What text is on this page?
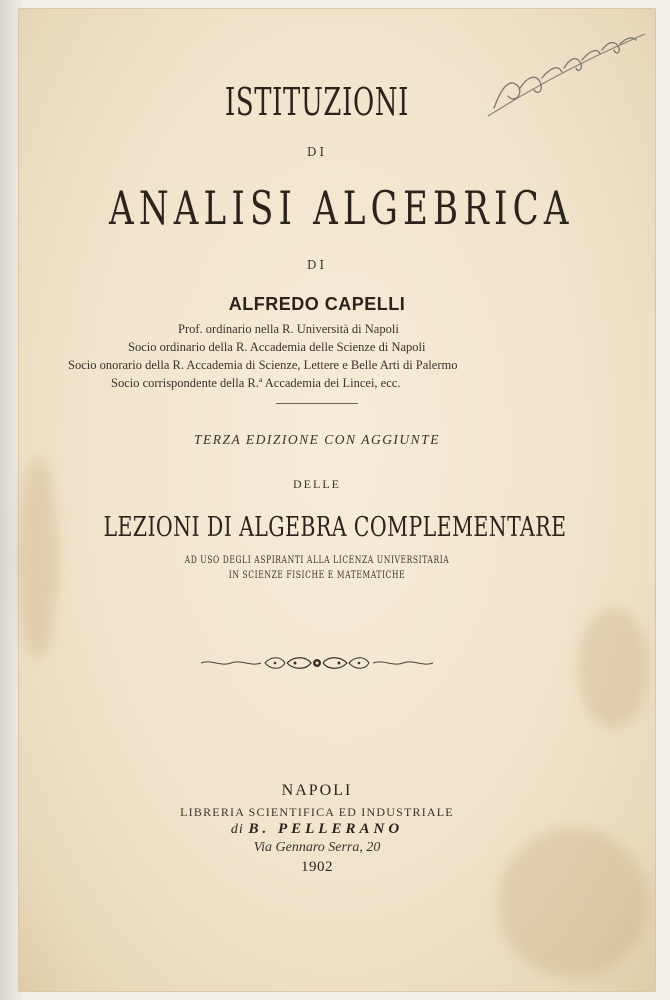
ISTITUZIONI
DI
ANALISI ALGEBRICA
DI
ALFREDO CAPELLI
Prof. ordinario nella R. Università di Napoli
Socio ordinario della R. Accademia delle Scienze di Napoli
Socio onorario della R. Accademia di Scienze, Lettere e Belle Arti di Palermo
Socio corrispondente della R.ª Accademia dei Lincei, ecc.
TERZA EDIZIONE CON AGGIUNTE
DELLE
LEZIONI DI ALGEBRA COMPLEMENTARE
AD USO DEGLI ASPIRANTI ALLA LICENZA UNIVERSITARIA
IN SCIENZE FISICHE E MATEMATICHE
NAPOLI
LIBRERIA SCIENTIFICA ED INDUSTRIALE
di B. PELLERANO
Via Gennaro Serra, 20
1902
